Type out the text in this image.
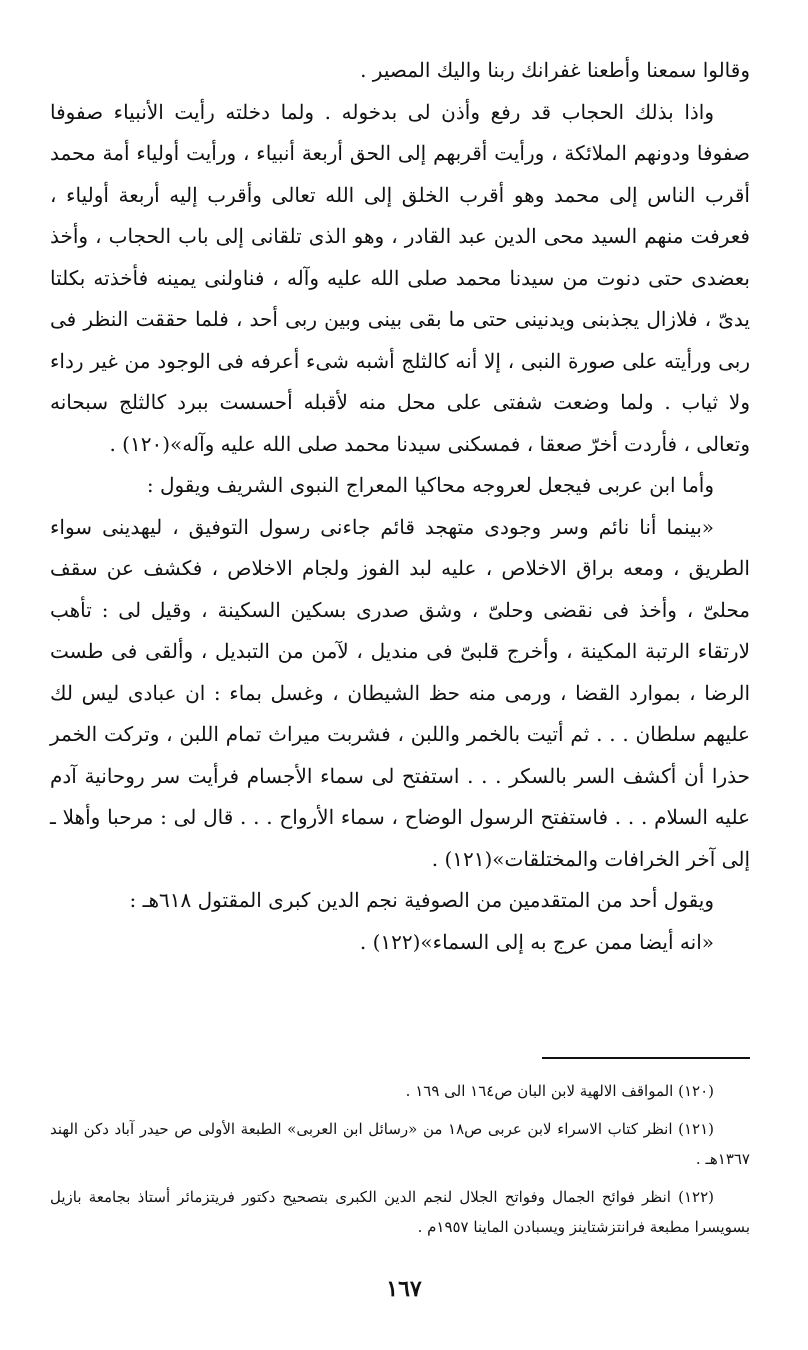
وقالوا سمعنا وأطعنا غفرانك ربنا واليك المصير .

واذا بذلك الحجاب قد رفع وأذن لى بدخوله . ولما دخلته رأيت الأنبياء صفوفا صفوفا ودونهم الملائكة ، ورأيت أقربهم إلى الحق أربعة أنبياء ، ورأيت أولياء أمة محمد أقرب الناس إلى محمد وهو أقرب الخلق إلى الله تعالى وأقرب إليه أربعة أولياء ، فعرفت منهم السيد محى الدين عبد القادر ، وهو الذى تلقانى إلى باب الحجاب ، وأخذ بعضدى حتى دنوت من سيدنا محمد صلى الله عليه وآله ، فناولنى يمينه فأخذته بكلتا يدىّ ، فلازال يجذبنى ويدنينى حتى ما بقى بينى وبين ربى أحد ، فلما حققت النظر فى ربى ورأيته على صورة النبى ، إلا أنه كالثلج أشبه شىء أعرفه فى الوجود من غير رداء ولا ثياب . ولما وضعت شفتى على محل منه لأقبله أحسست ببرد كالثلج سبحانه وتعالى ، فأردت أخرّ صعقا ، فمسكنى سيدنا محمد صلى الله عليه وآله»(١٢٠) .

وأما ابن عربى فيجعل لعروجه محاكيا المعراج النبوى الشريف ويقول :

«بينما أنا نائم وسر وجودى متهجد قائم جاءنى رسول التوفيق ، ليهدينى سواء الطريق ، ومعه براق الاخلاص ، عليه لبد الفوز ولجام الاخلاص ، فكشف عن سقف محلىّ ، وأخذ فى نقضى وحلىّ ، وشق صدرى بسكين السكينة ، وقيل لى : تأهب لارتقاء الرتبة المكينة ، وأخرج قلبىّ فى منديل ، لآمن من التبديل ، وألقى فى طست الرضا ، بموارد القضا ، ورمى منه حظ الشيطان ، وغسل بماء : ان عبادى ليس لك عليهم سلطان . . . ثم أتيت بالخمر واللبن ، فشربت ميراث تمام اللبن ، وتركت الخمر حذرا أن أكشف السر بالسكر . . . استفتح لى سماء الأجسام فرأيت سر روحانية آدم عليه السلام . . . فاستفتح الرسول الوضاح ، سماء الأرواح . . . قال لى : مرحبا وأهلا ـ إلى آخر الخرافات والمختلقات»(١٢١) .

ويقول أحد من المتقدمين من الصوفية نجم الدين كبرى المقتول ٦١٨هـ :

«انه أيضا ممن عرج به إلى السماء»(١٢٢) .

(١٢٠) المواقف الالهية لابن البان ص١٦٤ الى ١٦٩ .

(١٢١) انظر كتاب الاسراء لابن عربى ص١٨ من «رسائل ابن العربى» الطبعة الأولى ص حيدر آباد دكن الهند ١٣٦٧هـ .

(١٢٢) انظر فوائح الجمال وفواتح الجلال لنجم الدين الكبرى بتصحيح دكتور فريتزمائر أستاذ بجامعة بازيل بسويسرا مطبعة فرانتزشتاينز ويسبادن الماينا ١٩٥٧م .

١٦٧
